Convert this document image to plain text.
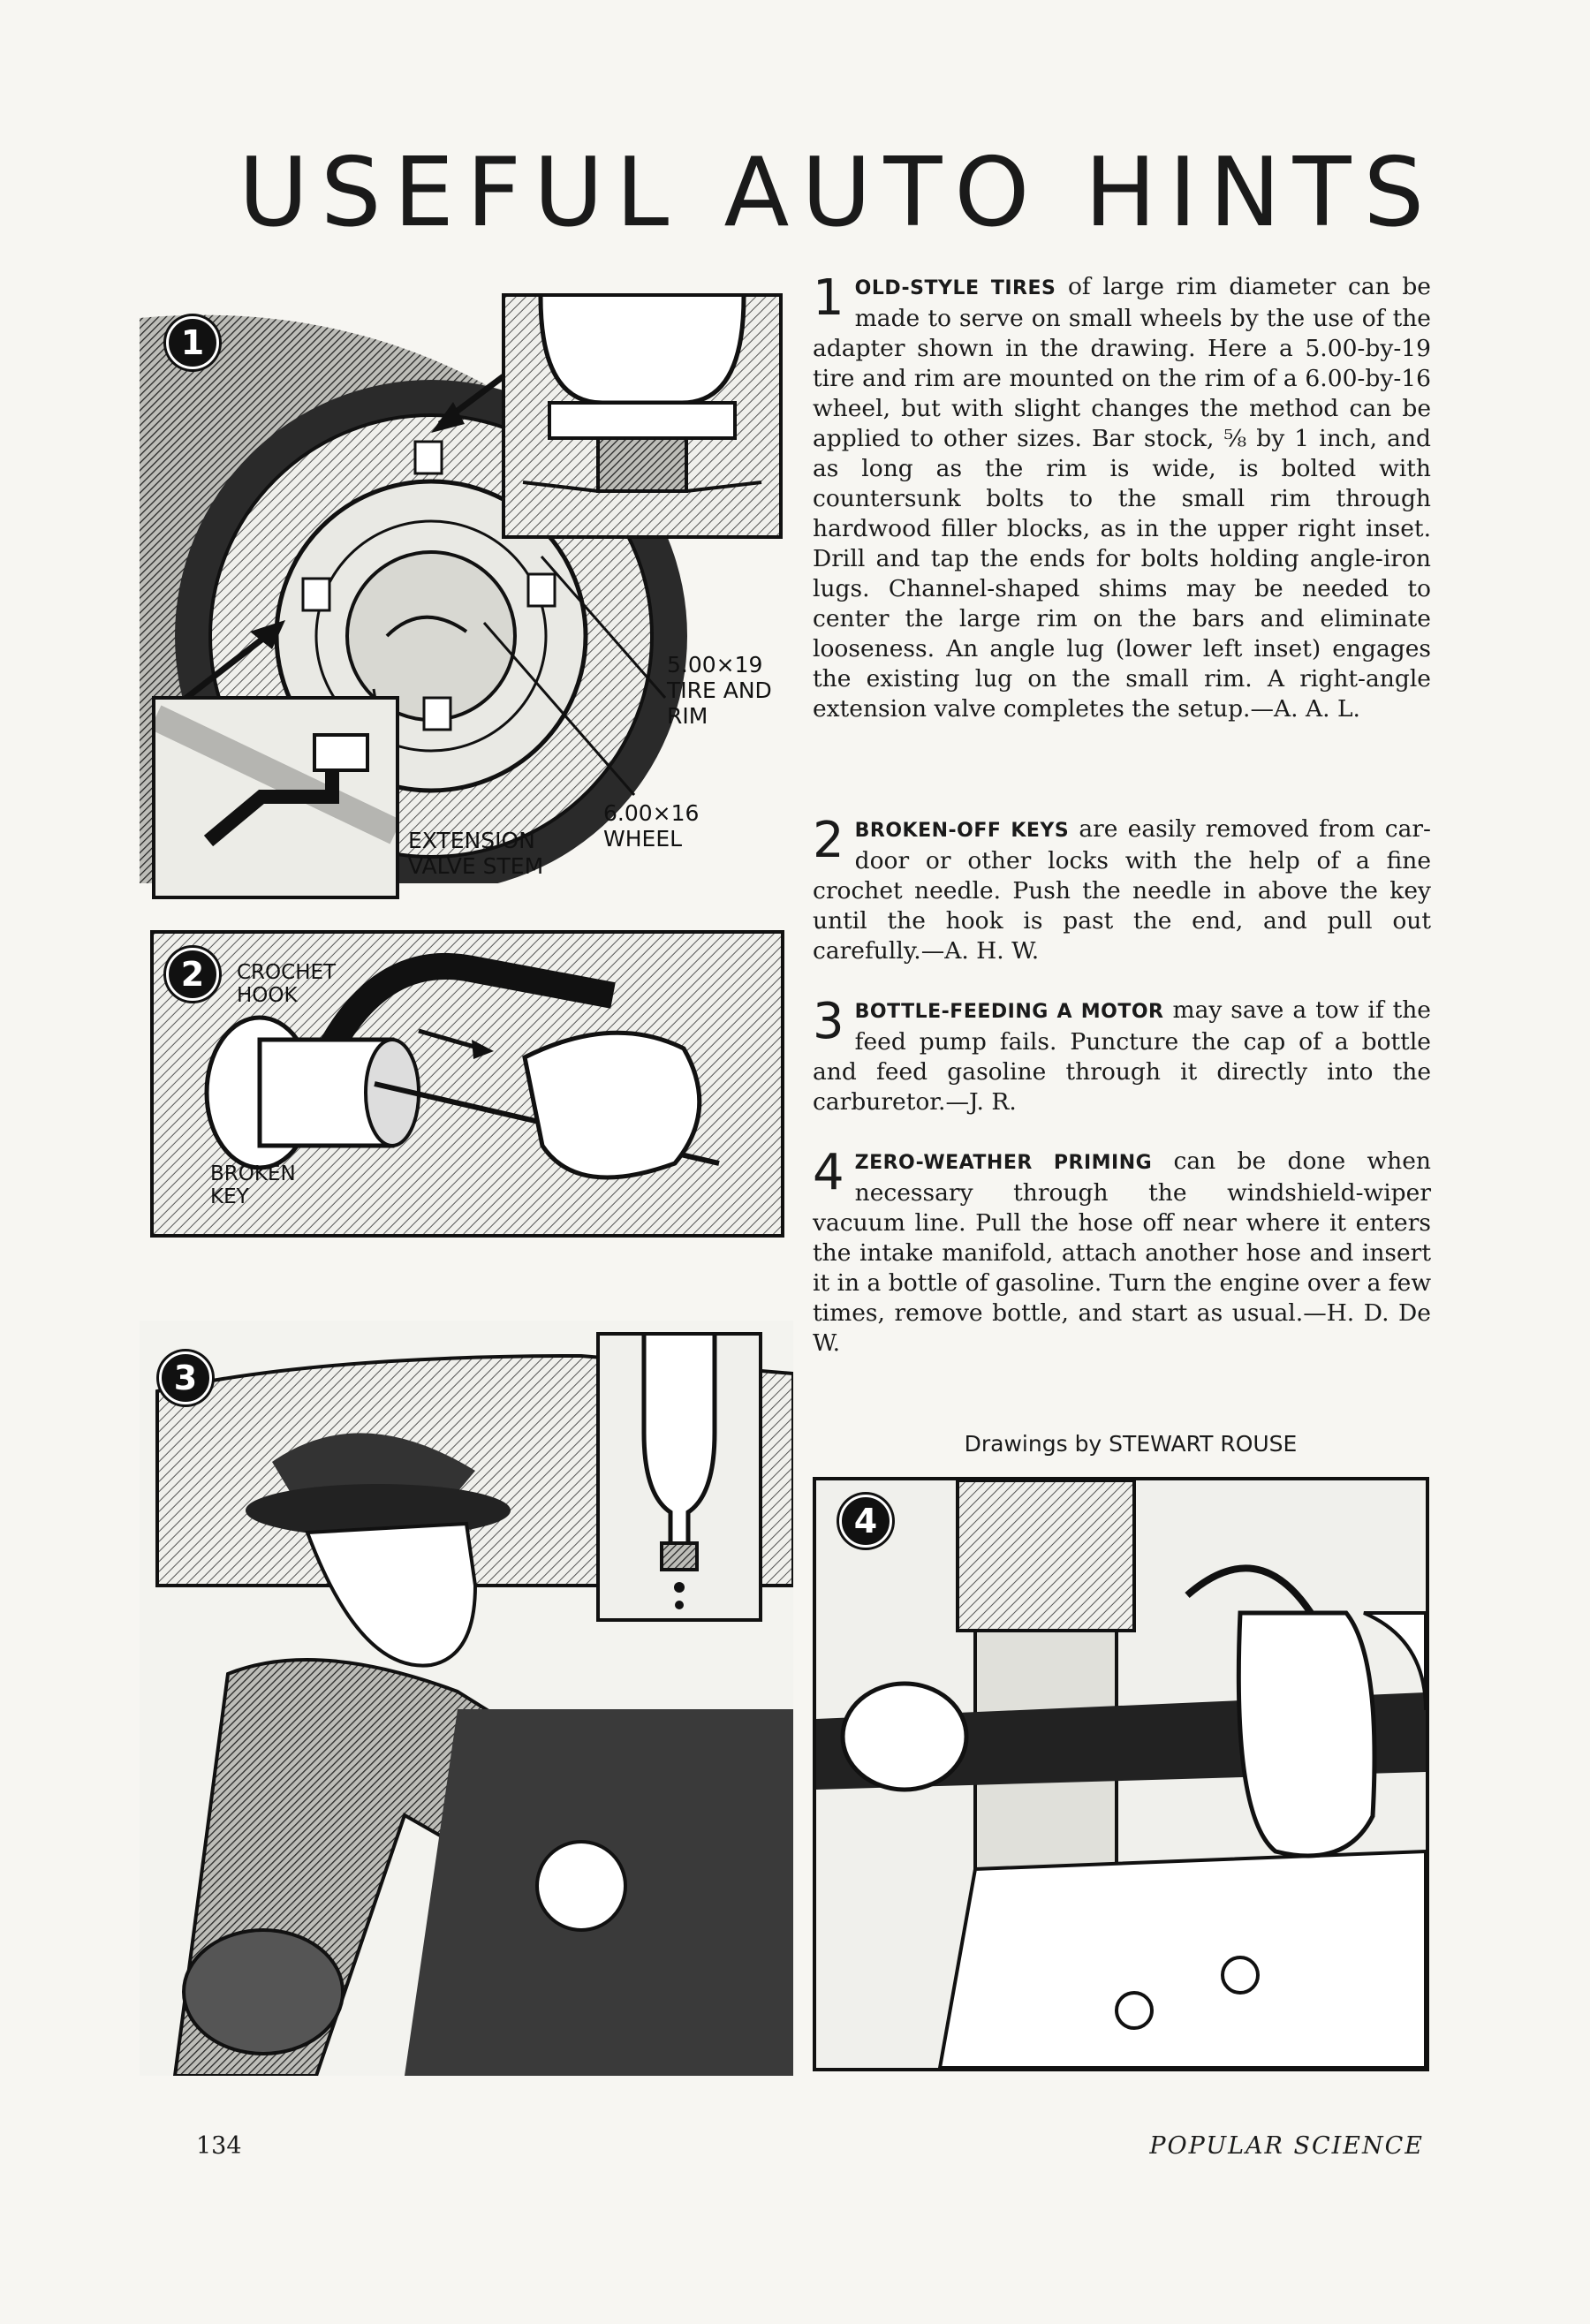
USEFUL AUTO HINTS
1
5.00×19
TIRE AND
RIM
6.00×16
WHEEL
EXTENSION
VALVE STEM
2	CROCHET
HOOK
BROKEN
KEY
3
1 OLD-STYLE TIRES of large rim diameter can be made to serve on small wheels by the use of the adapter shown in the drawing. Here a 5.00-by-19 tire and rim are mounted on the rim of a 6.00-by-16 wheel, but with slight changes the method can be applied to other sizes. Bar stock, ⅝ by 1 inch, and as long as the rim is wide, is bolted with countersunk bolts to the small rim through hardwood filler blocks, as in the upper right inset. Drill and tap the ends for bolts holding angle-iron lugs. Channel-shaped shims may be needed to center the large rim on the bars and eliminate looseness. An angle lug (lower left inset) engages the existing lug on the small rim. A right-angle extension valve completes the setup.—A. A. L.
2 BROKEN-OFF KEYS are easily removed from car-door or other locks with the help of a fine crochet needle. Push the needle in above the key until the hook is past the end, and pull out carefully.—A. H. W.
3 BOTTLE-FEEDING A MOTOR may save a tow if the feed pump fails. Puncture the cap of a bottle and feed gasoline through it directly into the carburetor.—J. R.
4 ZERO-WEATHER PRIMING can be done when necessary through the windshield-wiper vacuum line. Pull the hose off near where it enters the intake manifold, attach another hose and insert it in a bottle of gasoline. Turn the engine over a few times, remove bottle, and start as usual.—H. D. De W.
Drawings by STEWART ROUSE
4
134	POPULAR SCIENCE
